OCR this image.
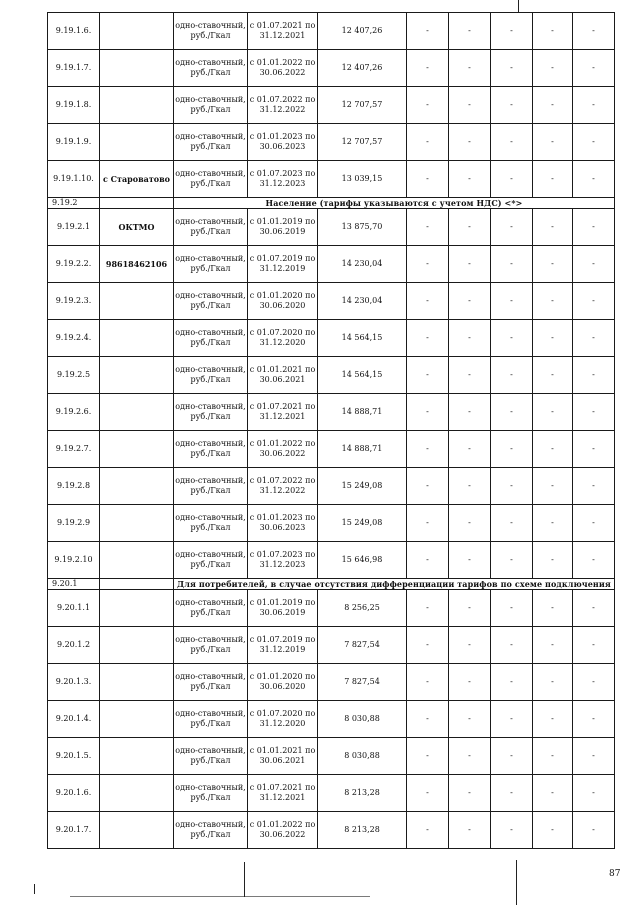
9.19.1.6.		одно-ставочный, руб./Гкал	с 01.07.2021 по 31.12.2021	12 407,26	-	-	-	-	-
9.19.1.7.		одно-ставочный, руб./Гкал	с 01.01.2022 по 30.06.2022	12 407,26	-	-	-	-	-
9.19.1.8.		одно-ставочный, руб./Гкал	с 01.07.2022 по 31.12.2022	12 707,57	-	-	-	-	-
9.19.1.9.		одно-ставочный, руб./Гкал	с 01.01.2023 по 30.06.2023	12 707,57	-	-	-	-	-
9.19.1.10.	с Староватово	одно-ставочный, руб./Гкал	с 01.07.2023 по 31.12.2023	13 039,15	-	-	-	-	-
9.19.2		Население (тарифы указываются с учетом НДС) <*>							
9.19.2.1	ОКТМО	одно-ставочный, руб./Гкал	с 01.01.2019 по 30.06.2019	13 875,70	-	-	-	-	-
9.19.2.2.	98618462106	одно-ставочный, руб./Гкал	с 01.07.2019 по 31.12.2019	14 230,04	-	-	-	-	-
9.19.2.3.		одно-ставочный, руб./Гкал	с 01.01.2020 по 30.06.2020	14 230,04	-	-	-	-	-
9.19.2.4.		одно-ставочный, руб./Гкал	с 01.07.2020 по 31.12.2020	14 564,15	-	-	-	-	-
9.19.2.5		одно-ставочный, руб./Гкал	с 01.01.2021 по 30.06.2021	14 564,15	-	-	-	-	-
9.19.2.6.		одно-ставочный, руб./Гкал	с 01.07.2021 по 31.12.2021	14 888,71	-	-	-	-	-
9.19.2.7.		одно-ставочный, руб./Гкал	с 01.01.2022 по 30.06.2022	14 888,71	-	-	-	-	-
9.19.2.8		одно-ставочный, руб./Гкал	с 01.07.2022 по 31.12.2022	15 249,08	-	-	-	-	-
9.19.2.9		одно-ставочный, руб./Гкал	с 01.01.2023 по 30.06.2023	15 249,08	-	-	-	-	-
9.19.2.10		одно-ставочный, руб./Гкал	с 01.07.2023 по 31.12.2023	15 646,98	-	-	-	-	-
9.20.1		Для потребителей, в случае отсутствия дифференциации тарифов по схеме подключения							
9.20.1.1		одно-ставочный, руб./Гкал	с 01.01.2019 по 30.06.2019	8 256,25	-	-	-	-	-
9.20.1.2		одно-ставочный, руб./Гкал	с 01.07.2019 по 31.12.2019	7 827,54	-	-	-	-	-
9.20.1.3.		одно-ставочный, руб./Гкал	с 01.01.2020 по 30.06.2020	7 827,54	-	-	-	-	-
9.20.1.4.		одно-ставочный, руб./Гкал	с 01.07.2020 по 31.12.2020	8 030,88	-	-	-	-	-
9.20.1.5.		одно-ставочный, руб./Гкал	с 01.01.2021 по 30.06.2021	8 030,88	-	-	-	-	-
9.20.1.6.		одно-ставочный, руб./Гкал	с 01.07.2021 по 31.12.2021	8 213,28	-	-	-	-	-
9.20.1.7.		одно-ставочный, руб./Гкал	с 01.01.2022 по 30.06.2022	8 213,28	-	-	-	-	-
87
